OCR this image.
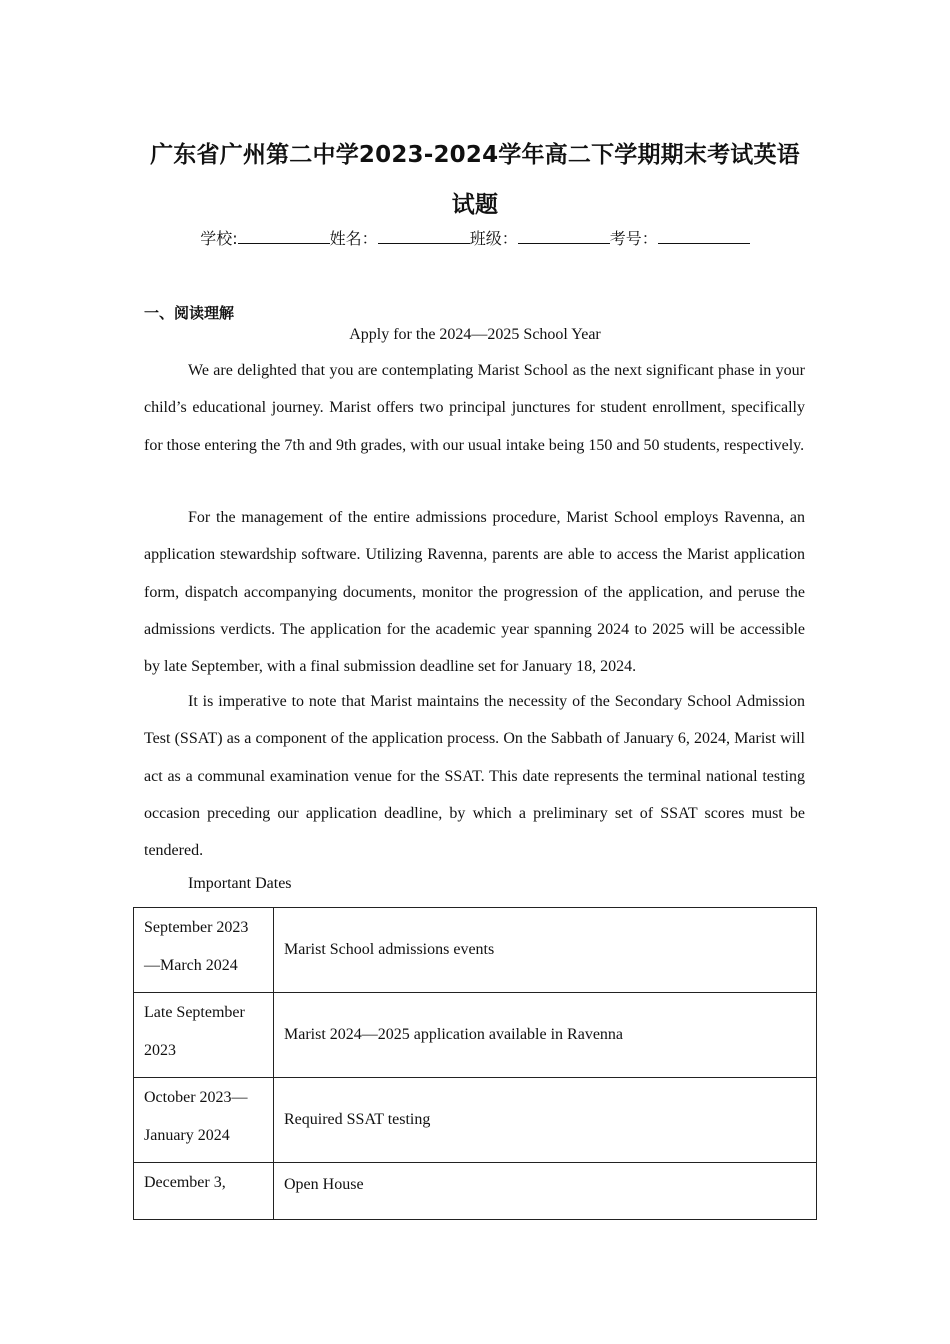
广东省广州第二中学2023-2024学年高二下学期期末考试英语
试题
学校:	姓名：	班级：	考号：
一、阅读理解
Apply for the 2024—2025 School Year

We are delighted that you are contemplating Marist School as the next significant phase in your child’s educational journey. Marist offers two principal junctures for student enrollment, specifically for those entering the 7th and 9th grades, with our usual intake being 150 and 50 students, respectively.

For the management of the entire admissions procedure, Marist School employs Ravenna, an application stewardship software. Utilizing Ravenna, parents are able to access the Marist application form, dispatch accompanying documents, monitor the progression of the application, and peruse the admissions verdicts. The application for the academic year spanning 2024 to 2025 will be accessible by late September, with a final submission deadline set for January 18, 2024.

It is imperative to note that Marist maintains the necessity of the Secondary School Admission Test (SSAT) as a component of the application process. On the Sabbath of January 6, 2024, Marist will act as a communal examination venue for the SSAT. This date represents the terminal national testing occasion preceding our application deadline, by which a preliminary set of SSAT scores must be tendered.

Important Dates
September 2023
—March 2024	Marist School admissions events

Late September
2023	Marist 2024—2025 application available in Ravenna

October 2023—
January 2024	Required SSAT testing

December 3,	Open House
